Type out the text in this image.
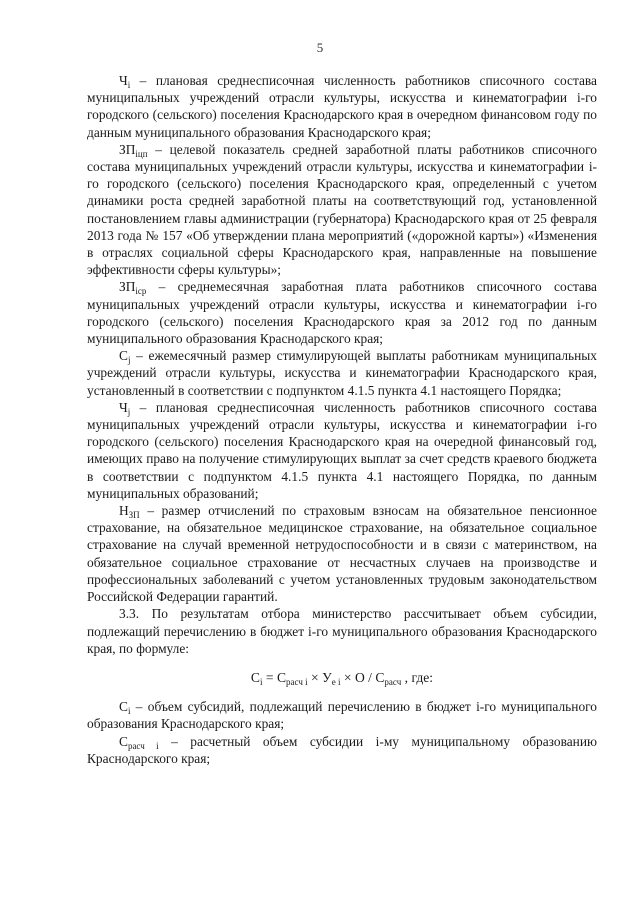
5

$Ч_i$ – плановая среднесписочная численность работников списочного состава муниципальных учреждений отрасли культуры, искусства и кинематографии i-го городского (сельского) поселения Краснодарского края в очередном финансовом году по данным муниципального образования Краснодарского края;

$ЗП_{iцп}$ – целевой показатель средней заработной платы работников списочного состава муниципальных учреждений отрасли культуры, искусства и кинематографии i-го городского (сельского) поселения Краснодарского края, определенный с учетом динамики роста средней заработной платы на соответствующий год, установленной постановлением главы администрации (губернатора) Краснодарского края от 25 февраля 2013 года № 157 «Об утверждении плана мероприятий («дорожной карты») «Изменения в отраслях социальной сферы Краснодарского края, направленные на повышение эффективности сферы культуры»;

$ЗП_{iср}$ – среднемесячная заработная плата работников списочного состава муниципальных учреждений отрасли культуры, искусства и кинематографии i-го городского (сельского) поселения Краснодарского края за 2012 год по данным муниципального образования Краснодарского края;

$С_j$ – ежемесячный размер стимулирующей выплаты работникам муниципальных учреждений отрасли культуры, искусства и кинематографии Краснодарского края, установленный в соответствии с подпунктом 4.1.5 пункта 4.1 настоящего Порядка;

$Ч_j$ – плановая среднесписочная численность работников списочного состава муниципальных учреждений отрасли культуры, искусства и кинематографии i-го городского (сельского) поселения Краснодарского края на очередной финансовый год, имеющих право на получение стимулирующих выплат за счет средств краевого бюджета в соответствии с подпунктом 4.1.5 пункта 4.1 настоящего Порядка, по данным муниципальных образований;

$Н_{ЗП}$ – размер отчислений по страховым взносам на обязательное пенсионное страхование, на обязательное медицинское страхование, на обязательное социальное страхование на случай временной нетрудоспособности и в связи с материнством, на обязательное социальное страхование от несчастных случаев на производстве и профессиональных заболеваний с учетом установленных трудовым законодательством Российской Федерации гарантий.

3.3. По результатам отбора министерство рассчитывает объем субсидии, подлежащий перечислению в бюджет i-го муниципального образования Краснодарского края, по формуле:

$С_i = С_{расч i} \times У_{e i} \times О / С_{расч}$ , где:

$С_i$ – объем субсидий, подлежащий перечислению в бюджет i-го муниципального образования Краснодарского края;

$С_{расч i}$ – расчетный объем субсидии i-му муниципальному образованию Краснодарского края;
